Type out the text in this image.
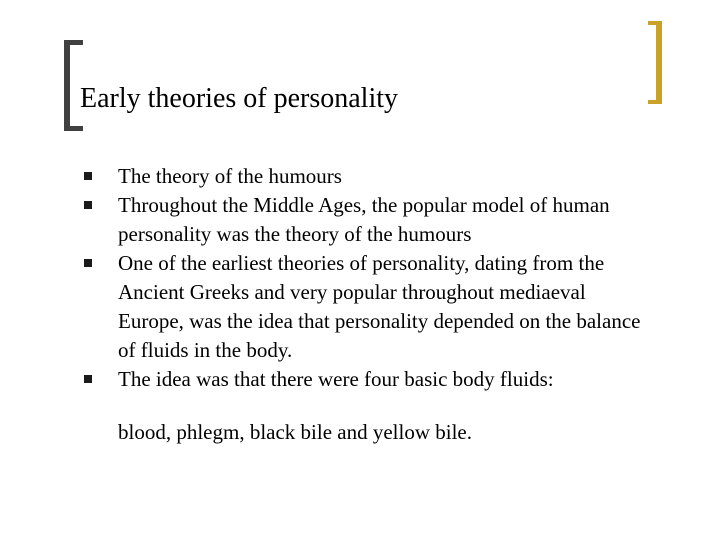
Early theories of personality
The theory of the humours
Throughout the Middle Ages, the popular model of human personality was the theory of the humours
One of the earliest theories of personality, dating from the Ancient Greeks and very popular throughout mediaeval Europe, was the idea that personality depended on the balance of fluids in the body.
The idea was that there were four basic body fluids:
blood, phlegm, black bile and yellow bile.
